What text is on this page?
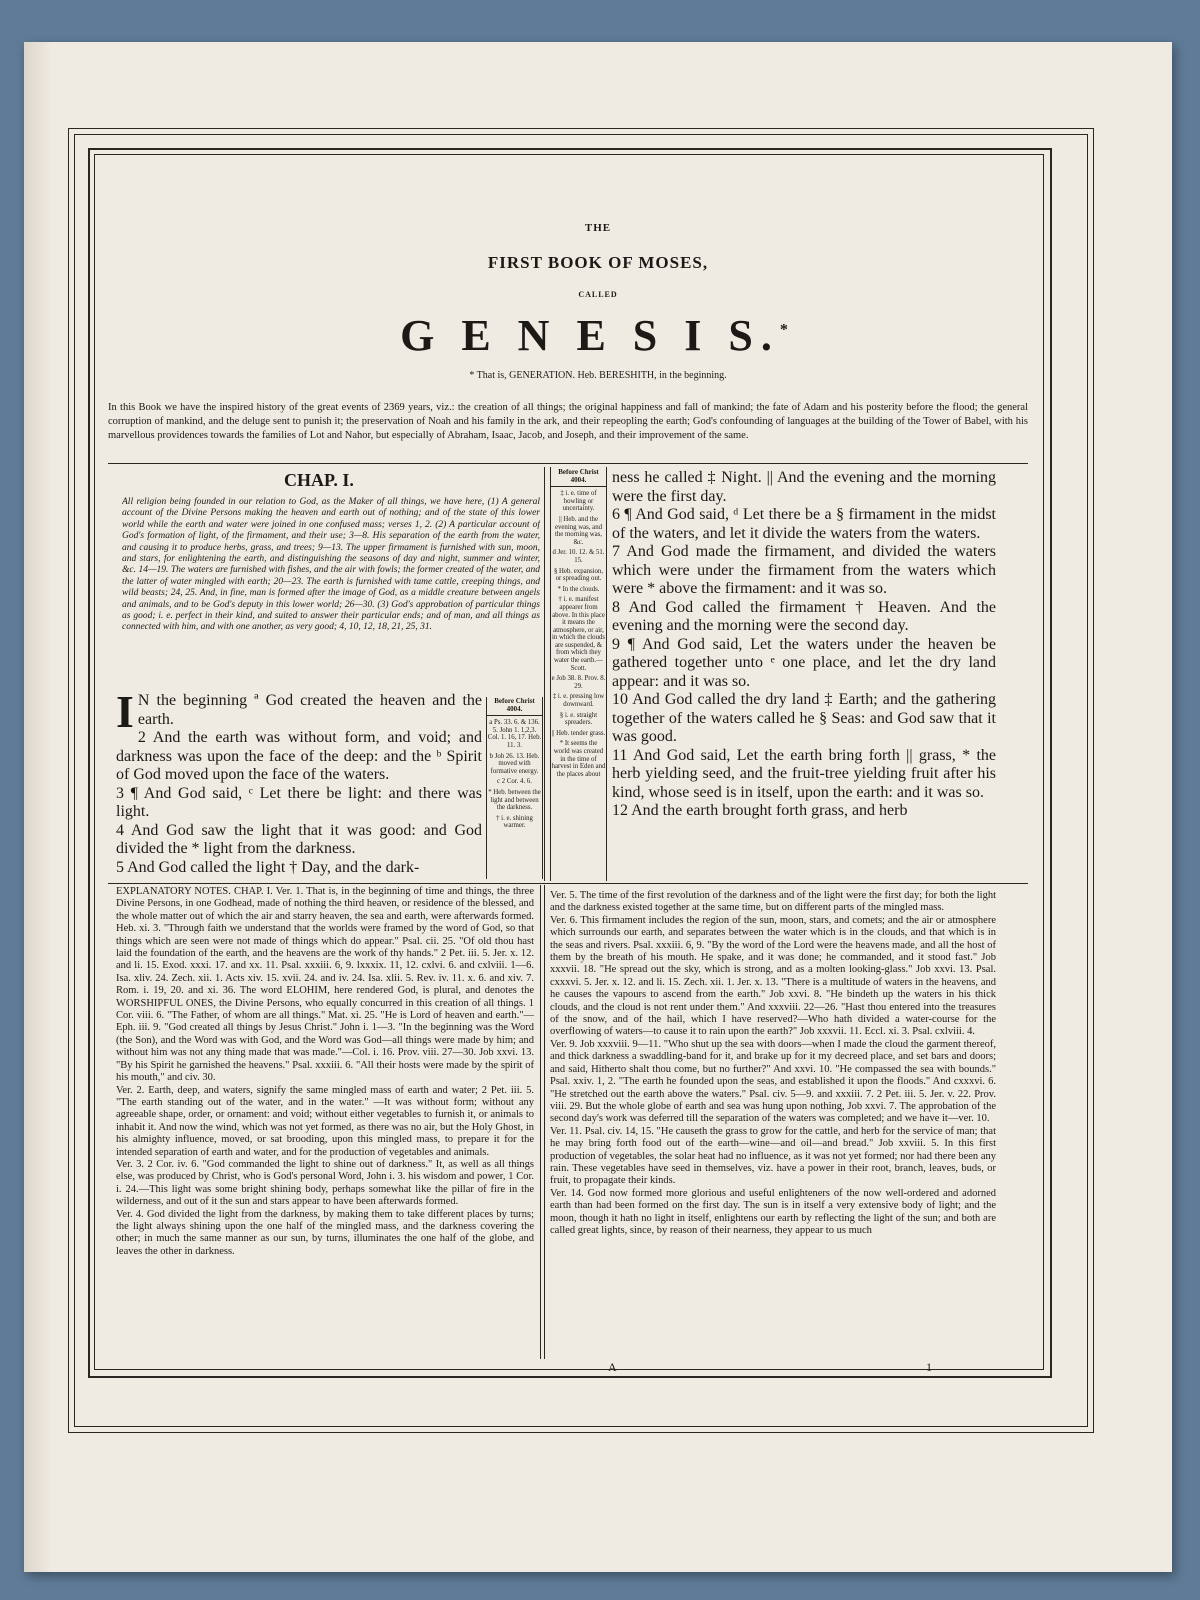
THE
FIRST BOOK OF MOSES,
CALLED
G E N E S I S.*
* That is, GENERATION. Heb. BERESHITH, in the beginning.
In this Book we have the inspired history of the great events of 2369 years, viz.: the creation of all things; the original happiness and fall of mankind; the fate of Adam and his posterity before the flood; the general corruption of mankind, and the deluge sent to punish it; the preservation of Noah and his family in the ark, and their repeopling the earth; God's confounding of languages at the building of the Tower of Babel, with his marvellous providences towards the families of Lot and Nahor, but especially of Abraham, Isaac, Jacob, and Joseph, and their improvement of the same.
CHAP. I.
All religion being founded in our relation to God, as the Maker of all things, we have here, (1) A general account of the Divine Persons making the heaven and earth out of nothing; and of the state of this lower world while the earth and water were joined in one confused mass; verses 1, 2. (2) A particular account of God's formation of light, of the firmament, and their use; 3—8. His separation of the earth from the water, and causing it to produce herbs, grass, and trees; 9—13. The upper firmament is furnished with sun, moon, and stars, for enlightening the earth, and distinguishing the seasons of day and night, summer and winter, &c. 14—19. The waters are furnished with fishes, and the air with fowls; the former created of the water, and the latter of water mingled with earth; 20—23. The earth is furnished with tame cattle, creeping things, and wild beasts; 24, 25. And, in fine, man is formed after the image of God, as a middle creature between angels and animals, and to be God's deputy in this lower world; 26—30. (3) God's approbation of particular things as good; i. e. perfect in their kind, and suited to answer their particular ends; and of man, and all things as connected with him, and with one another, as very good; 4, 10, 12, 18, 21, 25, 31.

I N the beginning ª God created the heaven and the earth.

2 And the earth was without form, and void; and darkness was upon the face of the deep: and the ᵇ Spirit of God moved upon the face of the waters.

3 ¶ And God said, ᶜ Let there be light: and there was light.

4 And God saw the light that it was good: and God divided the * light from the darkness.

5 And God called the light † Day, and the dark-

Before Christ 4004.

a Ps. 33. 6. & 136. 5. John 1. 1,2,3. Col. 1. 16, 17. Heb. 11. 3.

b Job 26. 13. Heb. moved with formative energy.

c 2 Cor. 4. 6.

* Heb. between the light and between the darkness.

† i. e. shining warmer.

Before Christ 4004.

‡ i. e. time of howling or uncertainty.

|| Heb. and the evening was, and the morning was, &c.

d Jer. 10. 12. & 51. 15.

§ Heb. expansion, or spreading out.

* In the clouds.

† i. e. manifest appearer from above. In this place it means the atmosphere, or air, in which the clouds are suspended, & from which they water the earth.—Scott.

e Job 38. 8. Prov. 8. 29.

‡ i. e. pressing low downward.

§ i. e. straight spreaders.

|| Heb. tender grass.

* It seems the world was created in the time of harvest in Eden and the places about

ness he called ‡ Night. || And the evening and the morning were the first day.

6 ¶ And God said, ᵈ Let there be a § firmament in the midst of the waters, and let it divide the waters from the waters.

7 And God made the firmament, and divided the waters which were under the firmament from the waters which were * above the firmament: and it was so.

8 And God called the firmament † Heaven. And the evening and the morning were the second day.

9 ¶ And God said, Let the waters under the heaven be gathered together unto ᵉ one place, and let the dry land appear: and it was so.

10 And God called the dry land ‡ Earth; and the gathering together of the waters called he § Seas: and God saw that it was good.

11 And God said, Let the earth bring forth || grass, * the herb yielding seed, and the fruit-tree yielding fruit after his kind, whose seed is in itself, upon the earth: and it was so.

12 And the earth brought forth grass, and herb

EXPLANATORY NOTES. CHAP. I. Ver. 1. That is, in the beginning of time and things, the three Divine Persons, in one Godhead, made of nothing the third heaven, or residence of the blessed, and the whole matter out of which the air and starry heaven, the sea and earth, were afterwards formed. Heb. xi. 3. "Through faith we understand that the worlds were framed by the word of God, so that things which are seen were not made of things which do appear." Psal. cii. 25. "Of old thou hast laid the foundation of the earth, and the heavens are the work of thy hands." 2 Pet. iii. 5. Jer. x. 12. and li. 15. Exod. xxxi. 17. and xx. 11. Psal. xxxiii. 6, 9. lxxxix. 11, 12. cxlvi. 6. and cxlviii. 1—6. Isa. xliv. 24. Zech. xii. 1. Acts xiv. 15. xvii. 24. and iv. 24. Isa. xlii. 5. Rev. iv. 11. x. 6. and xiv. 7. Rom. i. 19, 20. and xi. 36. The word ELOHIM, here rendered God, is plural, and denotes the WORSHIPFUL ONES, the Divine Persons, who equally concurred in this creation of all things. 1 Cor. viii. 6. "The Father, of whom are all things." Mat. xi. 25. "He is Lord of heaven and earth."—Eph. iii. 9. "God created all things by Jesus Christ." John i. 1—3. "In the beginning was the Word (the Son), and the Word was with God, and the Word was God—all things were made by him; and without him was not any thing made that was made."—Col. i. 16. Prov. viii. 27—30. Job xxvi. 13. "By his Spirit he garnished the heavens." Psal. xxxiii. 6. "All their hosts were made by the spirit of his mouth," and civ. 30.

Ver. 2. Earth, deep, and waters, signify the same mingled mass of earth and water; 2 Pet. iii. 5. "The earth standing out of the water, and in the water." —It was without form; without any agreeable shape, order, or ornament: and void; without either vegetables to furnish it, or animals to inhabit it. And now the wind, which was not yet formed, as there was no air, but the Holy Ghost, in his almighty influence, moved, or sat brooding, upon this mingled mass, to prepare it for the intended separation of earth and water, and for the production of vegetables and animals.

Ver. 3. 2 Cor. iv. 6. "God commanded the light to shine out of darkness." It, as well as all things else, was produced by Christ, who is God's personal Word, John i. 3. his wisdom and power, 1 Cor. i. 24.—This light was some bright shining body, perhaps somewhat like the pillar of fire in the wilderness, and out of it the sun and stars appear to have been afterwards formed.

Ver. 4. God divided the light from the darkness, by making them to take different places by turns; the light always shining upon the one half of the mingled mass, and the darkness covering the other; in much the same manner as our sun, by turns, illuminates the one half of the globe, and leaves the other in darkness.

Ver. 5. The time of the first revolution of the darkness and of the light were the first day; for both the light and the darkness existed together at the same time, but on different parts of the mingled mass.

Ver. 6. This firmament includes the region of the sun, moon, stars, and comets; and the air or atmosphere which surrounds our earth, and separates between the water which is in the clouds, and that which is in the seas and rivers. Psal. xxxiii. 6, 9. "By the word of the Lord were the heavens made, and all the host of them by the breath of his mouth. He spake, and it was done; he commanded, and it stood fast." Job xxxvii. 18. "He spread out the sky, which is strong, and as a molten looking-glass." Job xxvi. 13. Psal. cxxxvi. 5. Jer. x. 12. and li. 15. Zech. xii. 1. Jer. x. 13. "There is a multitude of waters in the heavens, and he causes the vapours to ascend from the earth." Job xxvi. 8. "He bindeth up the waters in his thick clouds, and the cloud is not rent under them." And xxxviii. 22—26. "Hast thou entered into the treasures of the snow, and of the hail, which I have reserved?—Who hath divided a water-course for the overflowing of waters—to cause it to rain upon the earth?" Job xxxvii. 11. Eccl. xi. 3. Psal. cxlviii. 4.

Ver. 9. Job xxxviii. 9—11. "Who shut up the sea with doors—when I made the cloud the garment thereof, and thick darkness a swaddling-band for it, and brake up for it my decreed place, and set bars and doors; and said, Hitherto shalt thou come, but no further?" And xxvi. 10. "He compassed the sea with bounds." Psal. xxiv. 1, 2. "The earth he founded upon the seas, and established it upon the floods." And cxxxvi. 6. "He stretched out the earth above the waters." Psal. civ. 5—9. and xxxiii. 7. 2 Pet. iii. 5. Jer. v. 22. Prov. viii. 29. But the whole globe of earth and sea was hung upon nothing, Job xxvi. 7. The approbation of the second day's work was deferred till the separation of the waters was completed; and we have it—ver. 10.

Ver. 11. Psal. civ. 14, 15. "He causeth the grass to grow for the cattle, and herb for the service of man; that he may bring forth food out of the earth—wine—and oil—and bread." Job xxviii. 5. In this first production of vegetables, the solar heat had no influence, as it was not yet formed; nor had there been any rain. These vegetables have seed in themselves, viz. have a power in their root, branch, leaves, buds, or fruit, to propagate their kinds.

Ver. 14. God now formed more glorious and useful enlighteners of the now well-ordered and adorned earth than had been formed on the first day. The sun is in itself a very extensive body of light; and the moon, though it hath no light in itself, enlightens our earth by reflecting the light of the sun; and both are called great lights, since, by reason of their nearness, they appear to us much

A	1
